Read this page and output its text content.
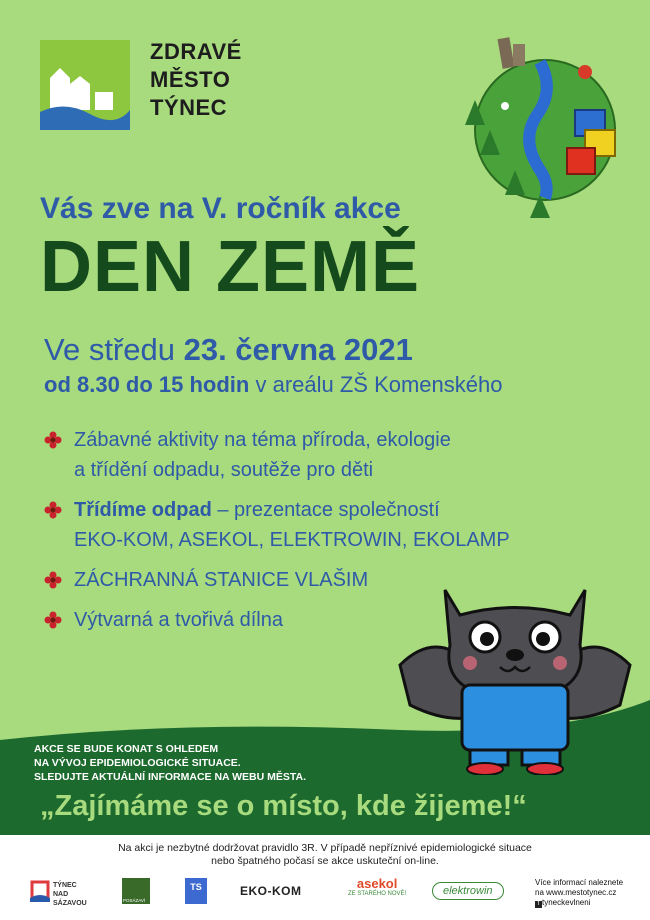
ZDRAVÉ
MĚSTO
TÝNEC
Vás zve na V. ročník akce
DEN ZEMĚ
Ve středu 23. června 2021
od 8.30 do 15 hodin v areálu ZŠ Komenského
Zábavné aktivity na téma příroda, ekologie
a třídění odpadu, soutěže pro děti
Třídíme odpad – prezentace společností
EKO-KOM, ASEKOL, ELEKTROWIN, EKOLAMP
ZÁCHRANNÁ STANICE VLAŠIM
Výtvarná a tvořivá dílna
AKCE SE BUDE KONAT S OHLEDEM
NA VÝVOJ EPIDEMIOLOGICKÉ SITUACE.
SLEDUJTE AKTUÁLNÍ INFORMACE NA WEBU MĚSTA.
„Zajímáme se o místo, kde žijeme!“
Na akci je nezbytné dodržovat pravidlo 3R. V případě nepříznivé epidemiologické situace
nebo špatného počasí se akce uskuteční on-line.
TÝNEC NAD SÁZAVOU	POSÁZAVÍ
TS	EKO-KOM	asekol
ZE STARÉHO NOVÉ!	elektrowin
Více informací naleznete
na www.mestotynec.cz
f tyneckevlneni
